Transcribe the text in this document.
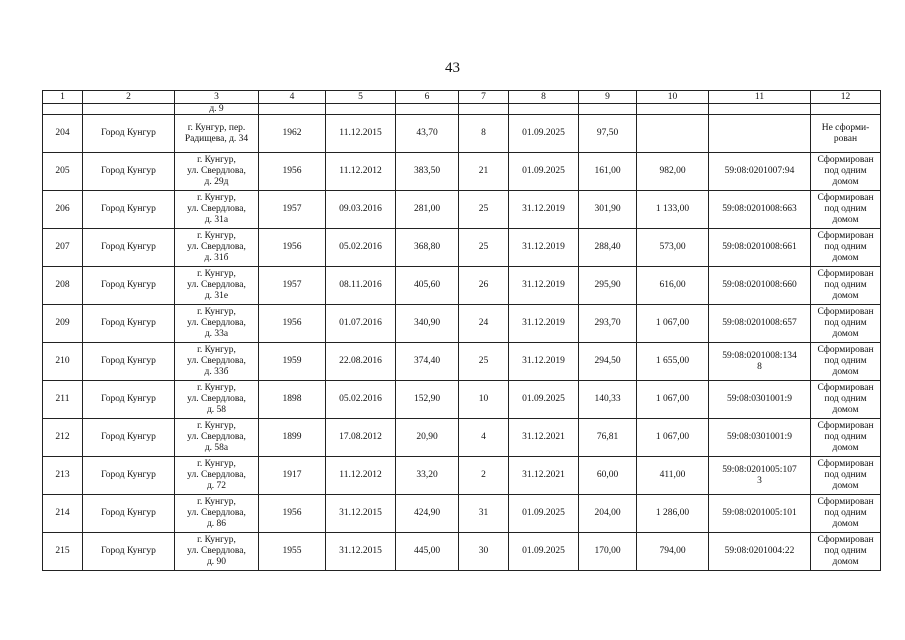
43
1	2	3	4	5	6	7	8	9	10	11	12
		д. 9									
204	Город Кунгур	г. Кунгур, пер.
Радищева, д. 34	1962	11.12.2015	43,70	8	01.09.2025	97,50			Не сформи-
рован

205	Город Кунгур	г. Кунгур,
ул. Свердлова,
д. 29д	1956	11.12.2012	383,50	21	01.09.2025	161,00	982,00	59:08:0201007:94	Сформирован
под одним
домом

206	Город Кунгур	г. Кунгур,
ул. Свердлова,
д. 31а	1957	09.03.2016	281,00	25	31.12.2019	301,90	1 133,00	59:08:0201008:663	Сформирован
под одним
домом

207	Город Кунгур	г. Кунгур,
ул. Свердлова,
д. 31б	1956	05.02.2016	368,80	25	31.12.2019	288,40	573,00	59:08:0201008:661	Сформирован
под одним
домом

208	Город Кунгур	г. Кунгур,
ул. Свердлова,
д. 31е	1957	08.11.2016	405,60	26	31.12.2019	295,90	616,00	59:08:0201008:660	Сформирован
под одним
домом

209	Город Кунгур	г. Кунгур,
ул. Свердлова,
д. 33а	1956	01.07.2016	340,90	24	31.12.2019	293,70	1 067,00	59:08:0201008:657	Сформирован
под одним
домом

210	Город Кунгур	г. Кунгур,
ул. Свердлова,
д. 33б	1959	22.08.2016	374,40	25	31.12.2019	294,50	1 655,00	59:08:0201008:134
8	Сформирован
под одним
домом

211	Город Кунгур	г. Кунгур,
ул. Свердлова,
д. 58	1898	05.02.2016	152,90	10	01.09.2025	140,33	1 067,00	59:08:0301001:9	Сформирован
под одним
домом

212	Город Кунгур	г. Кунгур,
ул. Свердлова,
д. 58а	1899	17.08.2012	20,90	4	31.12.2021	76,81	1 067,00	59:08:0301001:9	Сформирован
под одним
домом

213	Город Кунгур	г. Кунгур,
ул. Свердлова,
д. 72	1917	11.12.2012	33,20	2	31.12.2021	60,00	411,00	59:08:0201005:107
3	Сформирован
под одним
домом

214	Город Кунгур	г. Кунгур,
ул. Свердлова,
д. 86	1956	31.12.2015	424,90	31	01.09.2025	204,00	1 286,00	59:08:0201005:101	Сформирован
под одним
домом

215	Город Кунгур	г. Кунгур,
ул. Свердлова,
д. 90	1955	31.12.2015	445,00	30	01.09.2025	170,00	794,00	59:08:0201004:22	Сформирован
под одним
домом
